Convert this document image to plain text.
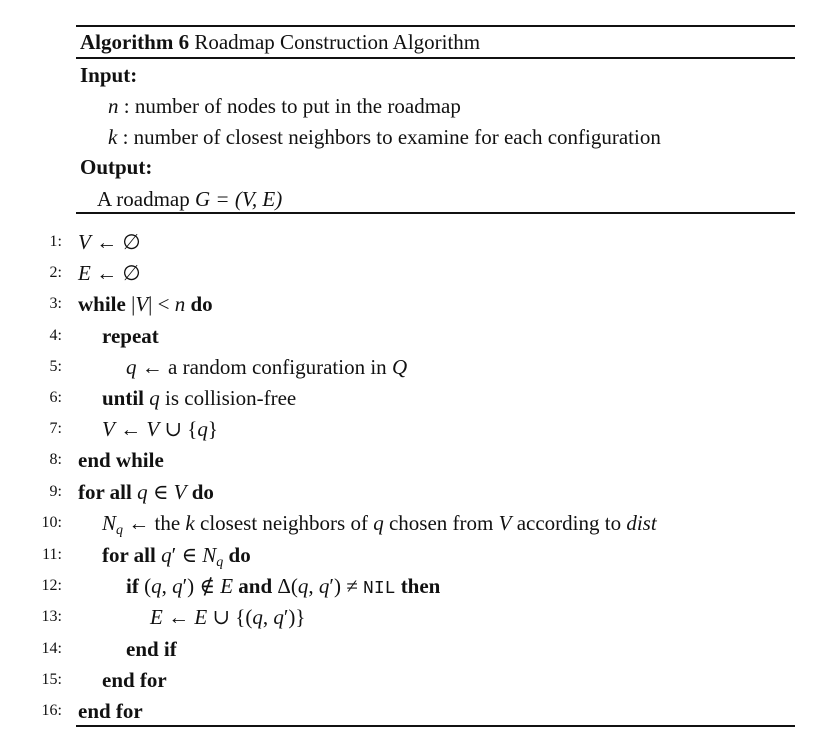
Algorithm 6 Roadmap Construction Algorithm
Input:
n : number of nodes to put in the roadmap
k : number of closest neighbors to examine for each configuration
Output:
A roadmap G = (V, E)
1: V ← ∅
2: E ← ∅
3: while |V| < n do
4: repeat
5:	q ← a random configuration in Q
6: until q is collision-free
7: V ← V ∪ {q}
8: end while
9: for all q ∈ V do
10: $N_q$ ← the k closest neighbors of q chosen from V according to dist
11: for all q′ ∈ $N_q$ do
12:	if (q, q′) ∉ E and Δ(q, q′) ≠ NIL then
13:	E ← E ∪ {(q, q′)}
14:	end if
15: end for
16: end for
